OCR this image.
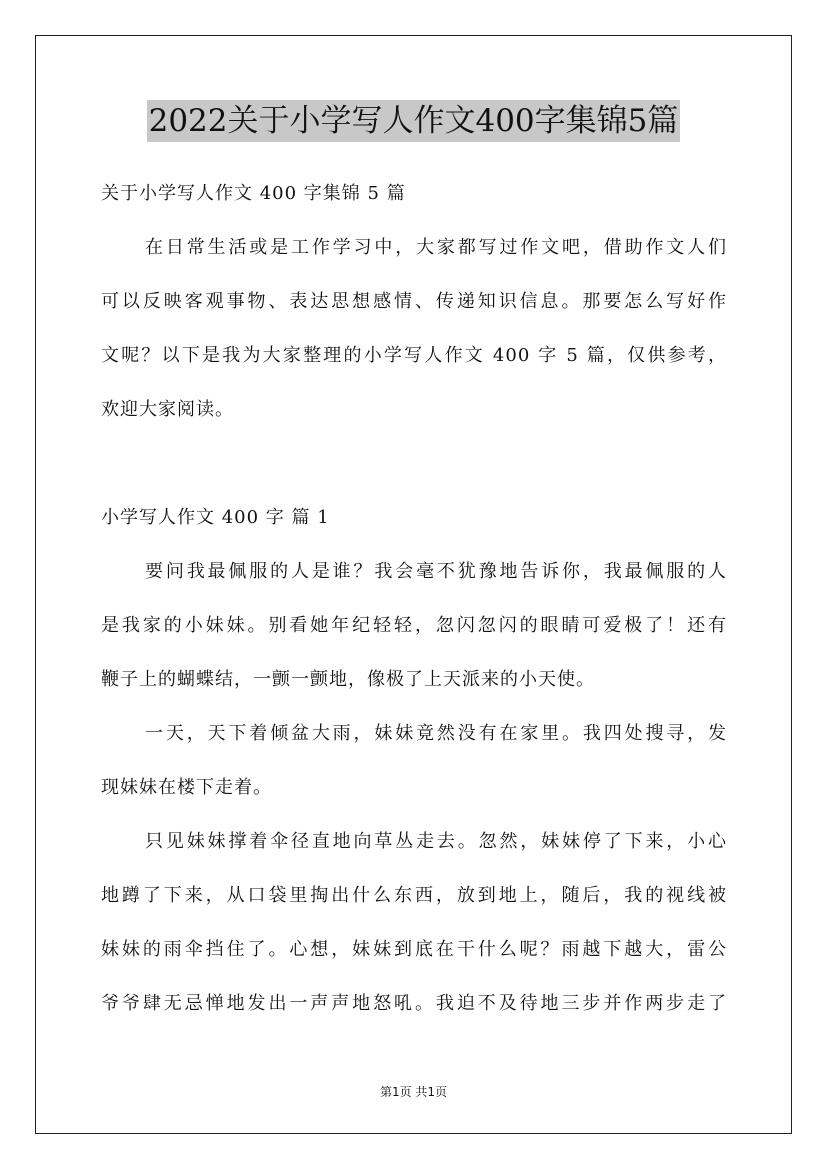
2022关于小学写人作文400字集锦5篇
关于小学写人作文 400 字集锦 5 篇
在日常生活或是工作学习中，大家都写过作文吧，借助作文人们
可以反映客观事物、表达思想感情、传递知识信息。那要怎么写好作
文呢？以下是我为大家整理的小学写人作文 400 字 5 篇，仅供参考，
欢迎大家阅读。
小学写人作文 400 字 篇 1
要问我最佩服的人是谁？我会毫不犹豫地告诉你，我最佩服的人
是我家的小妹妹。别看她年纪轻轻，忽闪忽闪的眼睛可爱极了！还有
鞭子上的蝴蝶结，一颤一颤地，像极了上天派来的小天使。
一天，天下着倾盆大雨，妹妹竟然没有在家里。我四处搜寻，发
现妹妹在楼下走着。
只见妹妹撑着伞径直地向草丛走去。忽然，妹妹停了下来，小心
地蹲了下来，从口袋里掏出什么东西，放到地上，随后，我的视线被
妹妹的雨伞挡住了。心想，妹妹到底在干什么呢？雨越下越大，雷公
爷爷肆无忌惮地发出一声声地怒吼。我迫不及待地三步并作两步走了
第1页 共1页
